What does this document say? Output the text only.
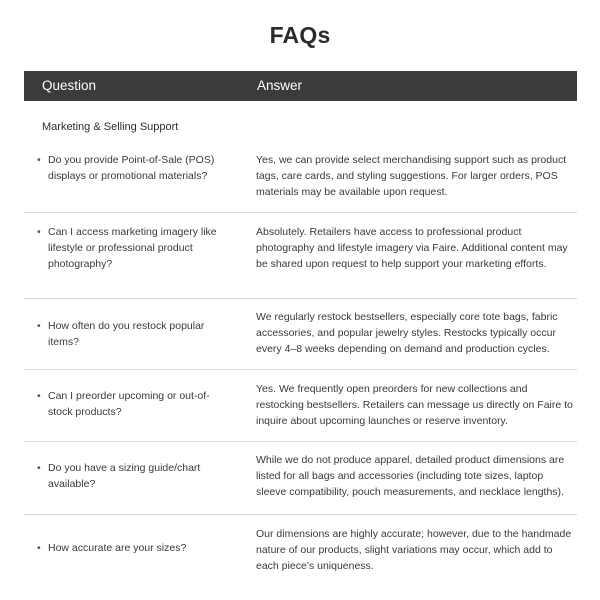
FAQs
Question	Answer
Marketing & Selling Support
• Do you provide Point-of-Sale (POS) displays or promotional materials?
Yes, we can provide select merchandising support such as product tags, care cards, and styling suggestions. For larger orders, POS materials may be available upon request.
• Can I access marketing imagery like lifestyle or professional product photography?
Absolutely. Retailers have access to professional product photography and lifestyle imagery via Faire. Additional content may be shared upon request to help support your marketing efforts.
• How often do you restock popular items?
We regularly restock bestsellers, especially core tote bags, fabric accessories, and popular jewelry styles. Restocks typically occur every 4–8 weeks depending on demand and production cycles.
• Can I preorder upcoming or out-of-stock products?
Yes. We frequently open preorders for new collections and restocking bestsellers. Retailers can message us directly on Faire to inquire about upcoming launches or reserve inventory.
• Do you have a sizing guide/chart available?
While we do not produce apparel, detailed product dimensions are listed for all bags and accessories (including tote sizes, laptop sleeve compatibility, pouch measurements, and necklace lengths).
• How accurate are your sizes?
Our dimensions are highly accurate; however, due to the handmade nature of our products, slight variations may occur, which add to each piece’s uniqueness.
